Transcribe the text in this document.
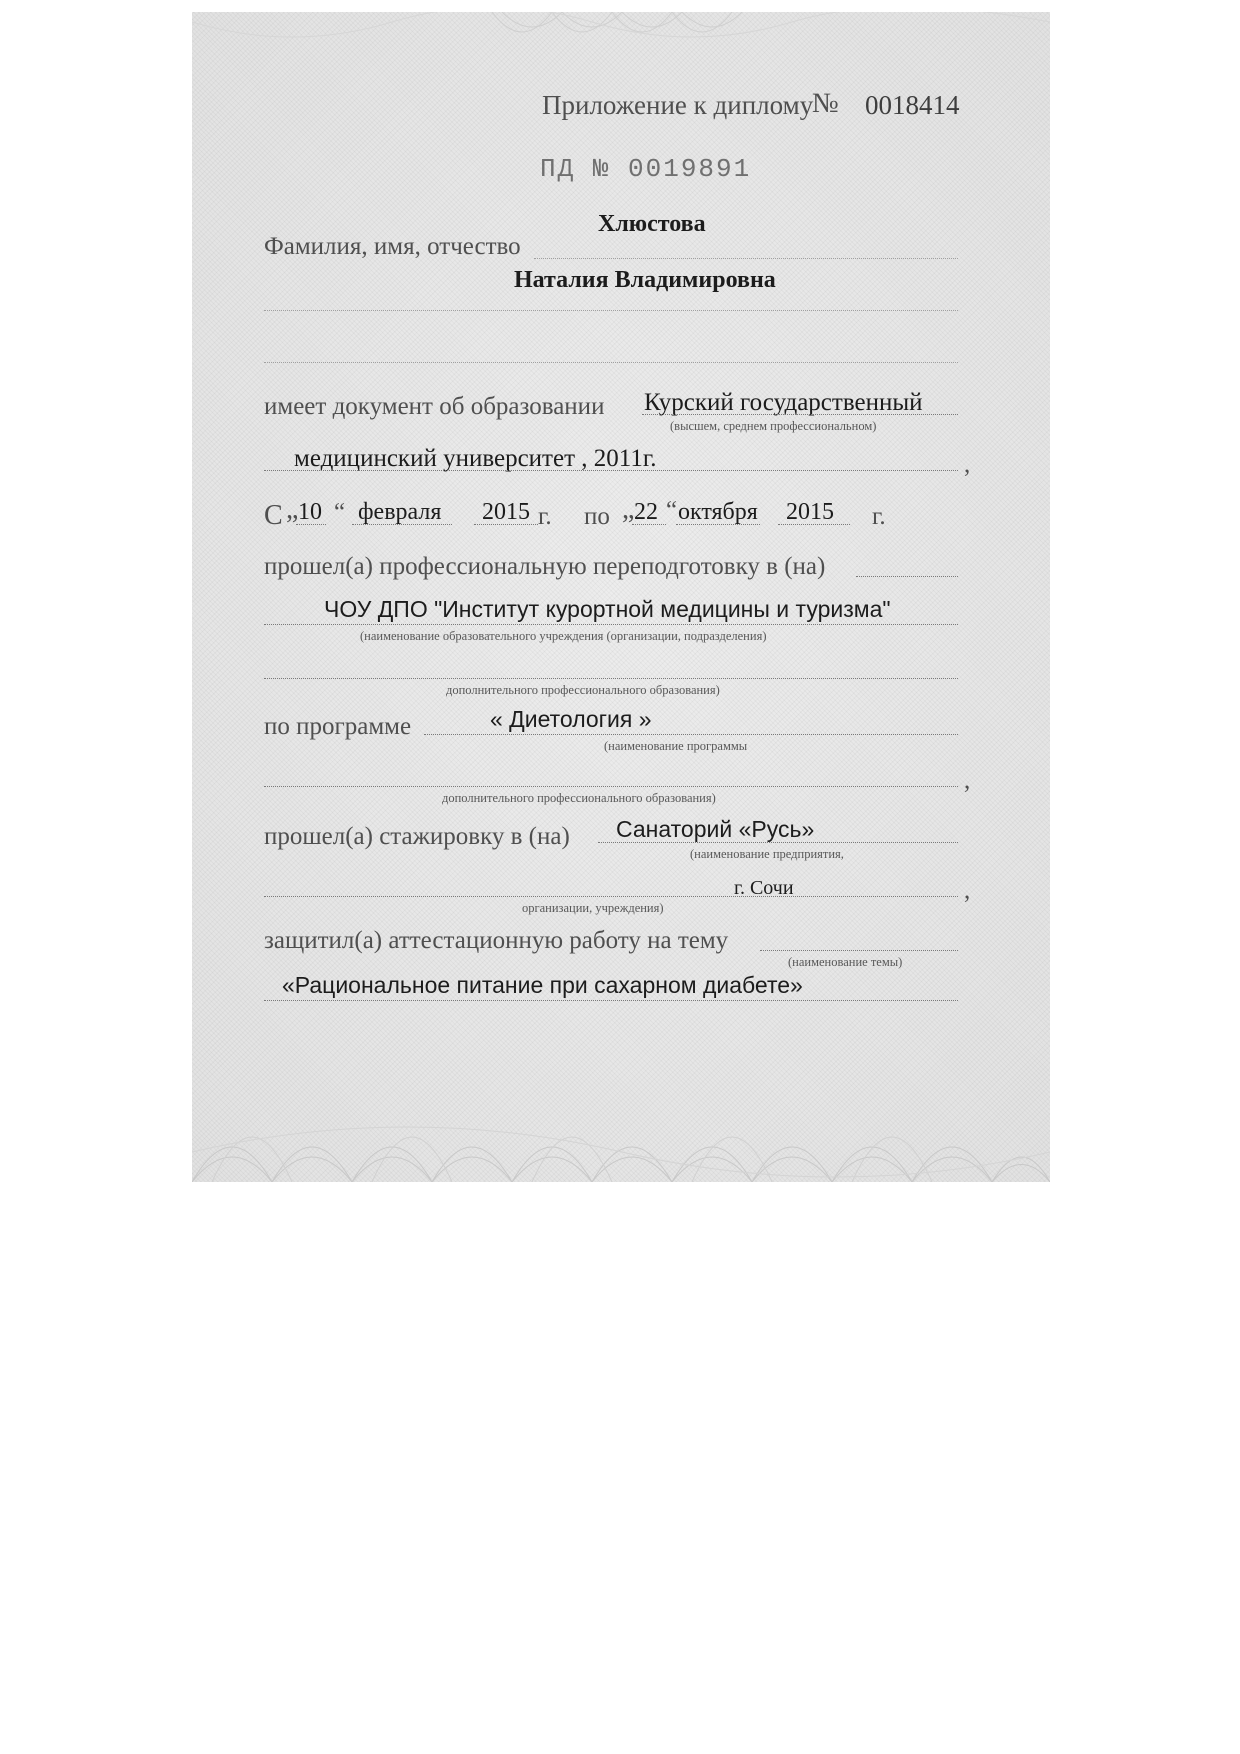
Приложение к диплому
№ 0018414
ПД № 0019891
Хлюстова
Фамилия, имя, отчество
Наталия Владимировна
имеет документ об образовании Курский государственный
(высшем, среднем профессиональном)
медицинский университет , 2011г.	,
С „ 10 “ февраля 2015 г. по „ 22 “ октября 2015 г.
прошел(а) профессиональную переподготовку в (на)
ЧОУ ДПО "Институт курортной медицины и туризма"
(наименование образовательного учреждения (организации, подразделения)
дополнительного профессионального образования)
по программе	« Диетология »
(наименование программы
,
дополнительного профессионального образования)
прошел(а) стажировку в (на) Санаторий «Русь»
(наименование предприятия,
г. Сочи	,
организации, учреждения)
защитил(а) аттестационную работу на тему
(наименование темы)
«Рациональное питание при сахарном диабете»
